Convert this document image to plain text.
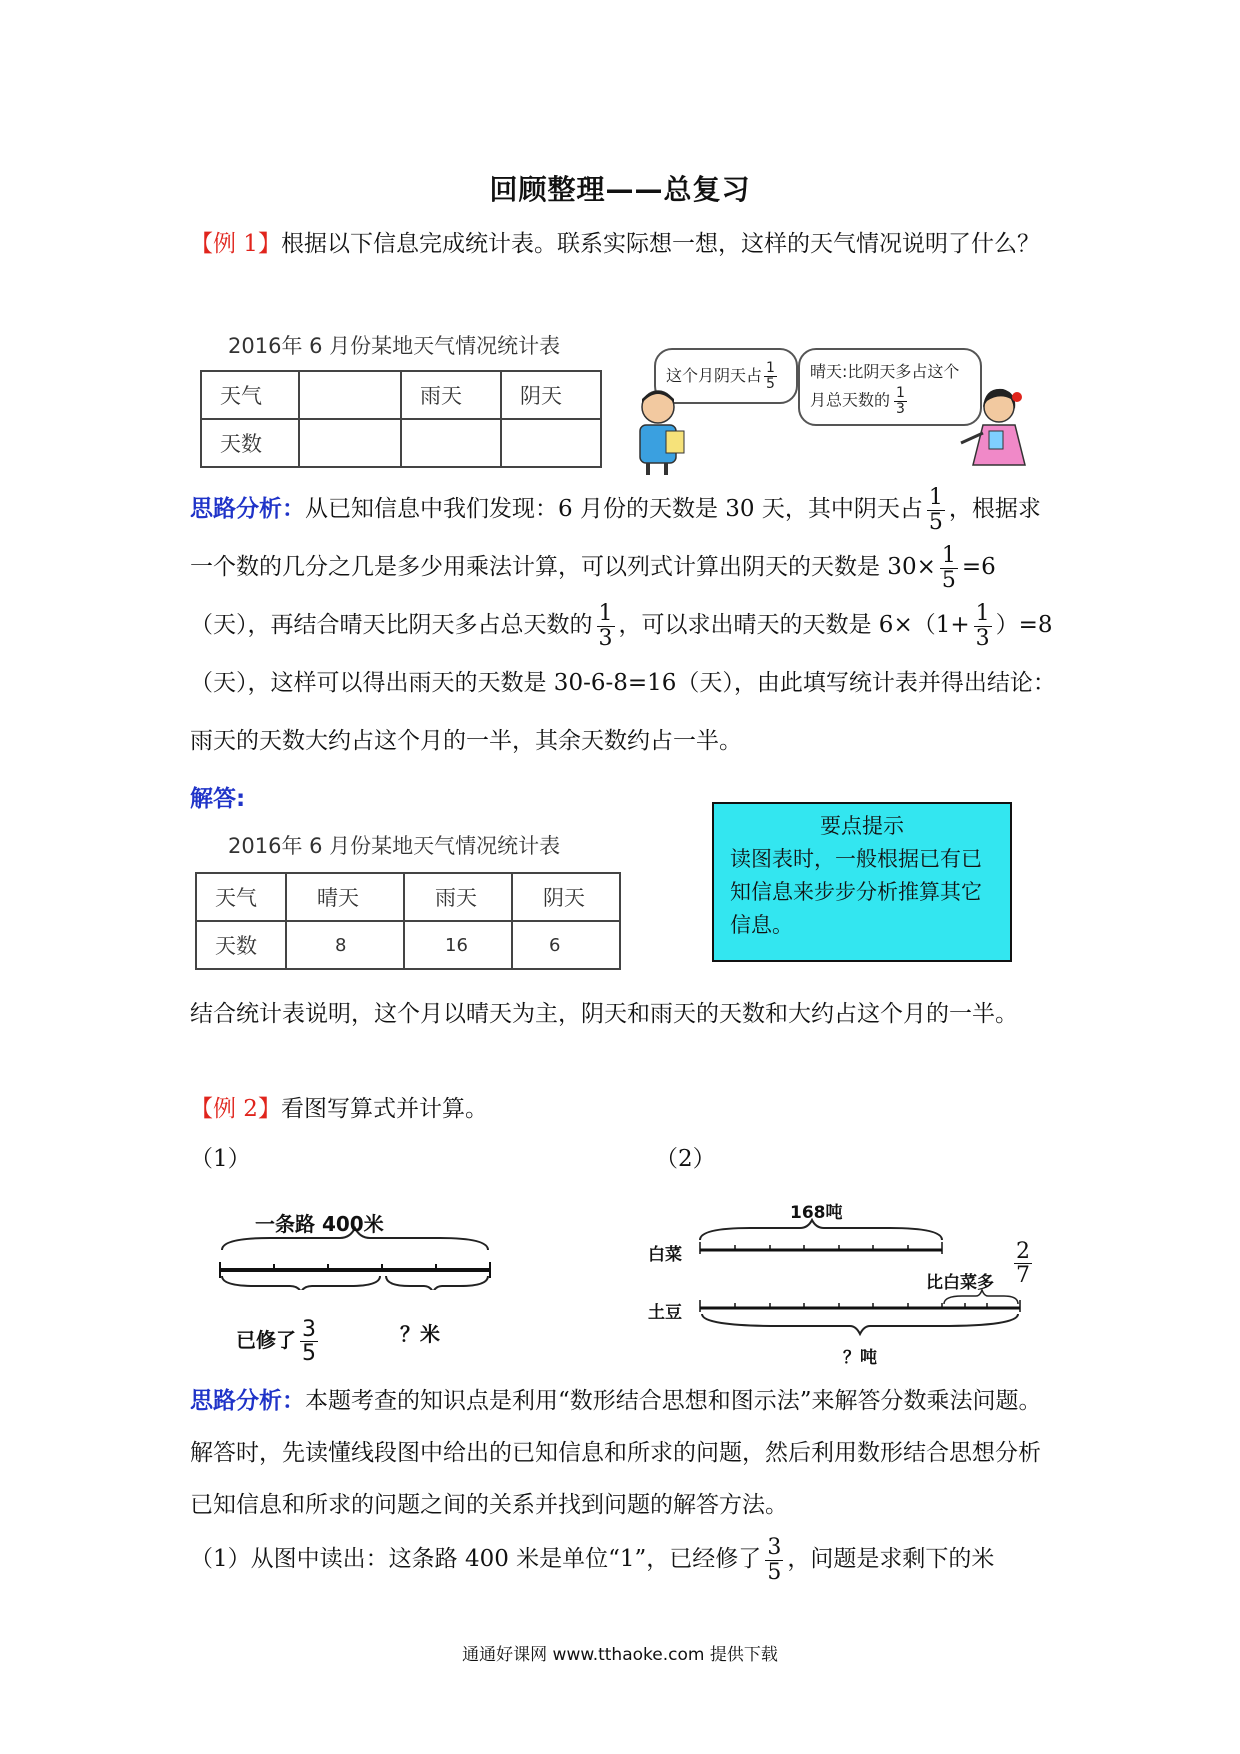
回顾整理——总复习
【例 1】根据以下信息完成统计表。联系实际想一想，这样的天气情况说明了什么？
2016年 6 月份某地天气情况统计表
天气		雨天	阴天
天数			
这个月阴天占 $\frac{1}{5}$ 晴天:比阴天多占这个
月总天数的 $\frac{1}{3}$
思路分析：从已知信息中我们发现：6 月份的天数是 30 天，其中阴天占 $\frac{1}{5}$ ，根据求一个数的几分之几是多少用乘法计算，可以列式计算出阴天的天数是 $30\times \frac{1}{5} =6$（天），再结合晴天比阴天多占总天数的 $\frac{1}{3}$ ，可以求出晴天的天数是 $6\times(1+ \frac{1}{3} )=8$（天），这样可以得出雨天的天数是 30-6-8=16（天），由此填写统计表并得出结论：雨天的天数大约占这个月的一半，其余天数约占一半。
解答:
2016年 6 月份某地天气情况统计表
天气	晴天	雨天	阴天
天数	8	16	6
要点提示
读图表时，一般根据已有已知信息来步步分析推算其它信息。
结合统计表说明，这个月以晴天为主，阴天和雨天的天数和大约占这个月的一半。
【例 2】看图写算式并计算。
（1）	（2）
一条路 400米
已修了 $\frac{3}{5}$	？米
168吨
白菜
比白菜多 $\frac{2}{7}$
土豆
？吨
思路分析：本题考查的知识点是利用“数形结合思想和图示法”来解答分数乘法问题。解答时，先读懂线段图中给出的已知信息和所求的问题，然后利用数形结合思想分析已知信息和所求的问题之间的关系并找到问题的解答方法。
（1）从图中读出：这条路 400 米是单位“1”，已经修了 $\frac{3}{5}$ ，问题是求剩下的米
通通好课网 www.tthaoke.com 提供下载
